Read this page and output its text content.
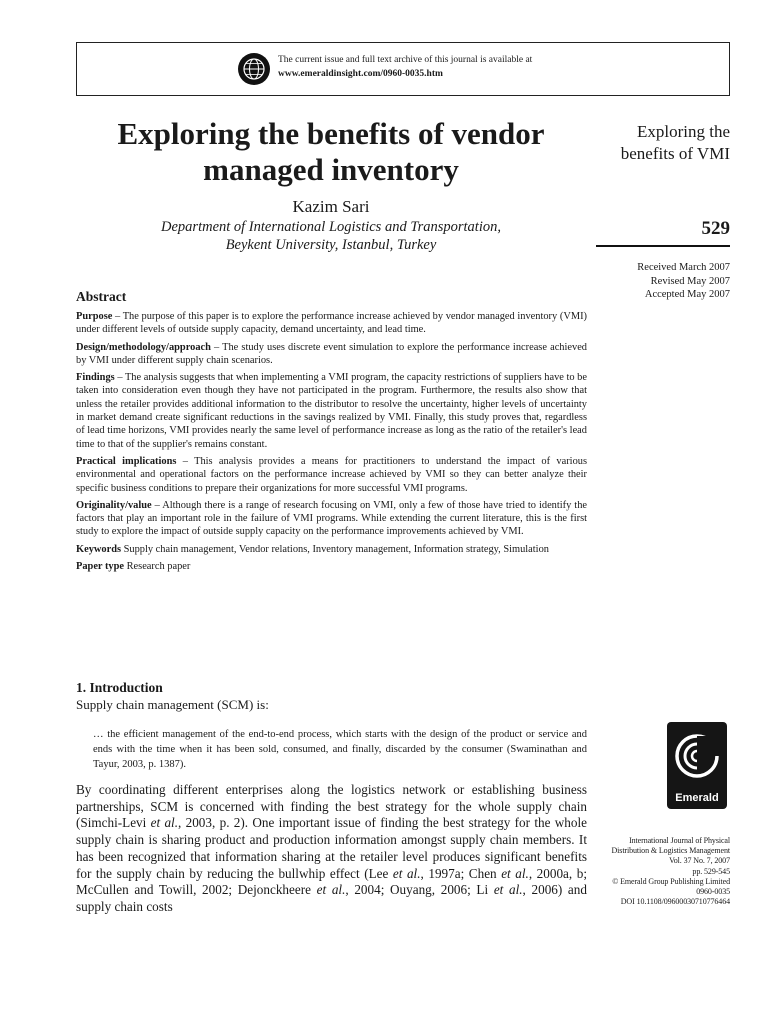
The current issue and full text archive of this journal is available at
www.emeraldinsight.com/0960-0035.htm
Exploring the benefits of vendor managed inventory
Kazim Sari
Department of International Logistics and Transportation,
Beykent University, Istanbul, Turkey
Exploring the benefits of VMI
529
Received March 2007
Revised May 2007
Accepted May 2007
Abstract

Purpose – The purpose of this paper is to explore the performance increase achieved by vendor managed inventory (VMI) under different levels of outside supply capacity, demand uncertainty, and lead time.

Design/methodology/approach – The study uses discrete event simulation to explore the performance increase achieved by VMI under different supply chain scenarios.

Findings – The analysis suggests that when implementing a VMI program, the capacity restrictions of suppliers have to be taken into consideration even though they have not participated in the program. Furthermore, the results also show that unless the retailer provides additional information to the distributor to resolve the uncertainty, higher levels of uncertainty in market demand create significant reductions in the savings realized by VMI. Finally, this study proves that, regardless of lead time horizons, VMI provides nearly the same level of performance increase as long as the ratio of the retailer's lead time to that of the supplier's remains constant.

Practical implications – This analysis provides a means for practitioners to understand the impact of various environmental and operational factors on the performance increase achieved by VMI so they can better analyze their specific business conditions to prepare their organizations for more successful VMI programs.

Originality/value – Although there is a range of research focusing on VMI, only a few of those have tried to identify the factors that play an important role in the failure of VMI programs. While extending the current literature, this is the first study to explore the impact of outside supply capacity on the performance improvements achieved by VMI.

Keywords Supply chain management, Vendor relations, Inventory management, Information strategy, Simulation

Paper type Research paper

1. Introduction

Supply chain management (SCM) is:

… the efficient management of the end-to-end process, which starts with the design of the product or service and ends with the time when it has been sold, consumed, and finally, discarded by the consumer (Swaminathan and Tayur, 2003, p. 1387).

By coordinating different enterprises along the logistics network or establishing business partnerships, SCM is concerned with finding the best strategy for the whole supply chain (Simchi-Levi et al., 2003, p. 2). One important issue of finding the best strategy for the whole supply chain is sharing product and production information amongst supply chain members. It has been recognized that information sharing at the retailer level produces significant benefits for the supply chain by reducing the bullwhip effect (Lee et al., 1997a; Chen et al., 2000a, b; McCullen and Towill, 2002; Dejonckheere et al., 2004; Ouyang, 2006; Li et al., 2006) and supply chain costs

Emerald
International Journal of Physical
Distribution & Logistics Management
Vol. 37 No. 7, 2007
pp. 529-545
© Emerald Group Publishing Limited
0960-0035
DOI 10.1108/09600030710776464
